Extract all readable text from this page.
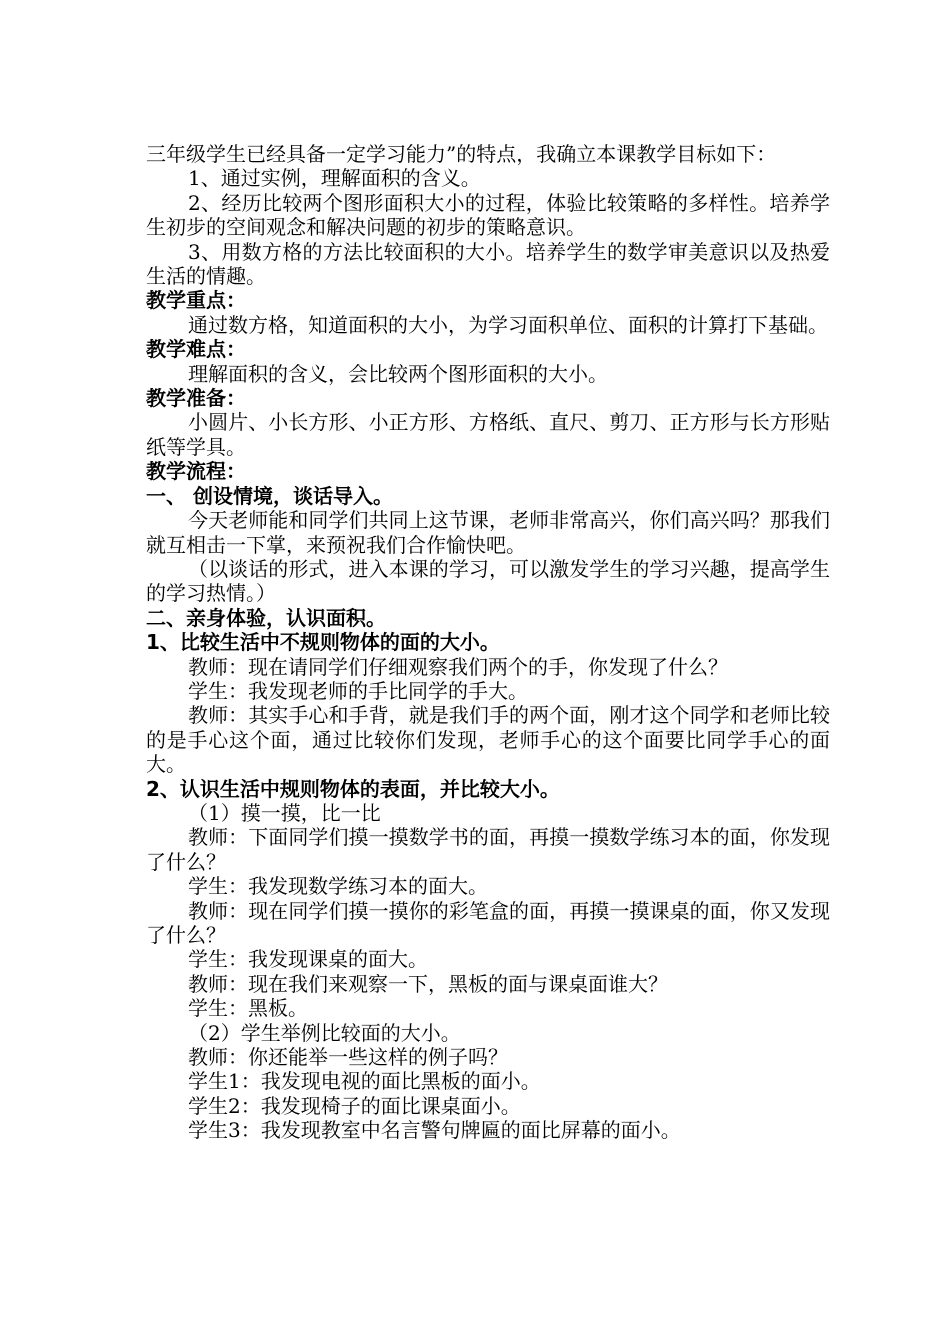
三年级学生已经具备一定学习能力”的特点，我确立本课教学目标如下：

1、通过实例，理解面积的含义。

2、经历比较两个图形面积大小的过程，体验比较策略的多样性。培养学生初步的空间观念和解决问题的初步的策略意识。

3、用数方格的方法比较面积的大小。培养学生的数学审美意识以及热爱生活的情趣。

教学重点：

通过数方格，知道面积的大小，为学习面积单位、面积的计算打下基础。

教学难点：

理解面积的含义，会比较两个图形面积的大小。

教学准备：

小圆片、小长方形、小正方形、方格纸、直尺、剪刀、正方形与长方形贴纸等学具。

教学流程：

一、 创设情境，谈话导入。

今天老师能和同学们共同上这节课，老师非常高兴，你们高兴吗？那我们就互相击一下掌，来预祝我们合作愉快吧。

（以谈话的形式，进入本课的学习，可以激发学生的学习兴趣，提高学生的学习热情。）

二、亲身体验，认识面积。

1、比较生活中不规则物体的面的大小。

教师：现在请同学们仔细观察我们两个的手，你发现了什么？

学生：我发现老师的手比同学的手大。

教师：其实手心和手背，就是我们手的两个面，刚才这个同学和老师比较的是手心这个面，通过比较你们发现，老师手心的这个面要比同学手心的面大。

2、认识生活中规则物体的表面，并比较大小。

（1）摸一摸，比一比

教师：下面同学们摸一摸数学书的面，再摸一摸数学练习本的面，你发现了什么？

学生：我发现数学练习本的面大。

教师：现在同学们摸一摸你的彩笔盒的面，再摸一摸课桌的面，你又发现了什么？

学生：我发现课桌的面大。

教师：现在我们来观察一下，黑板的面与课桌面谁大？

学生：黑板。

（2）学生举例比较面的大小。

教师：你还能举一些这样的例子吗？

学生1：我发现电视的面比黑板的面小。

学生2：我发现椅子的面比课桌面小。

学生3：我发现教室中名言警句牌匾的面比屏幕的面小。
